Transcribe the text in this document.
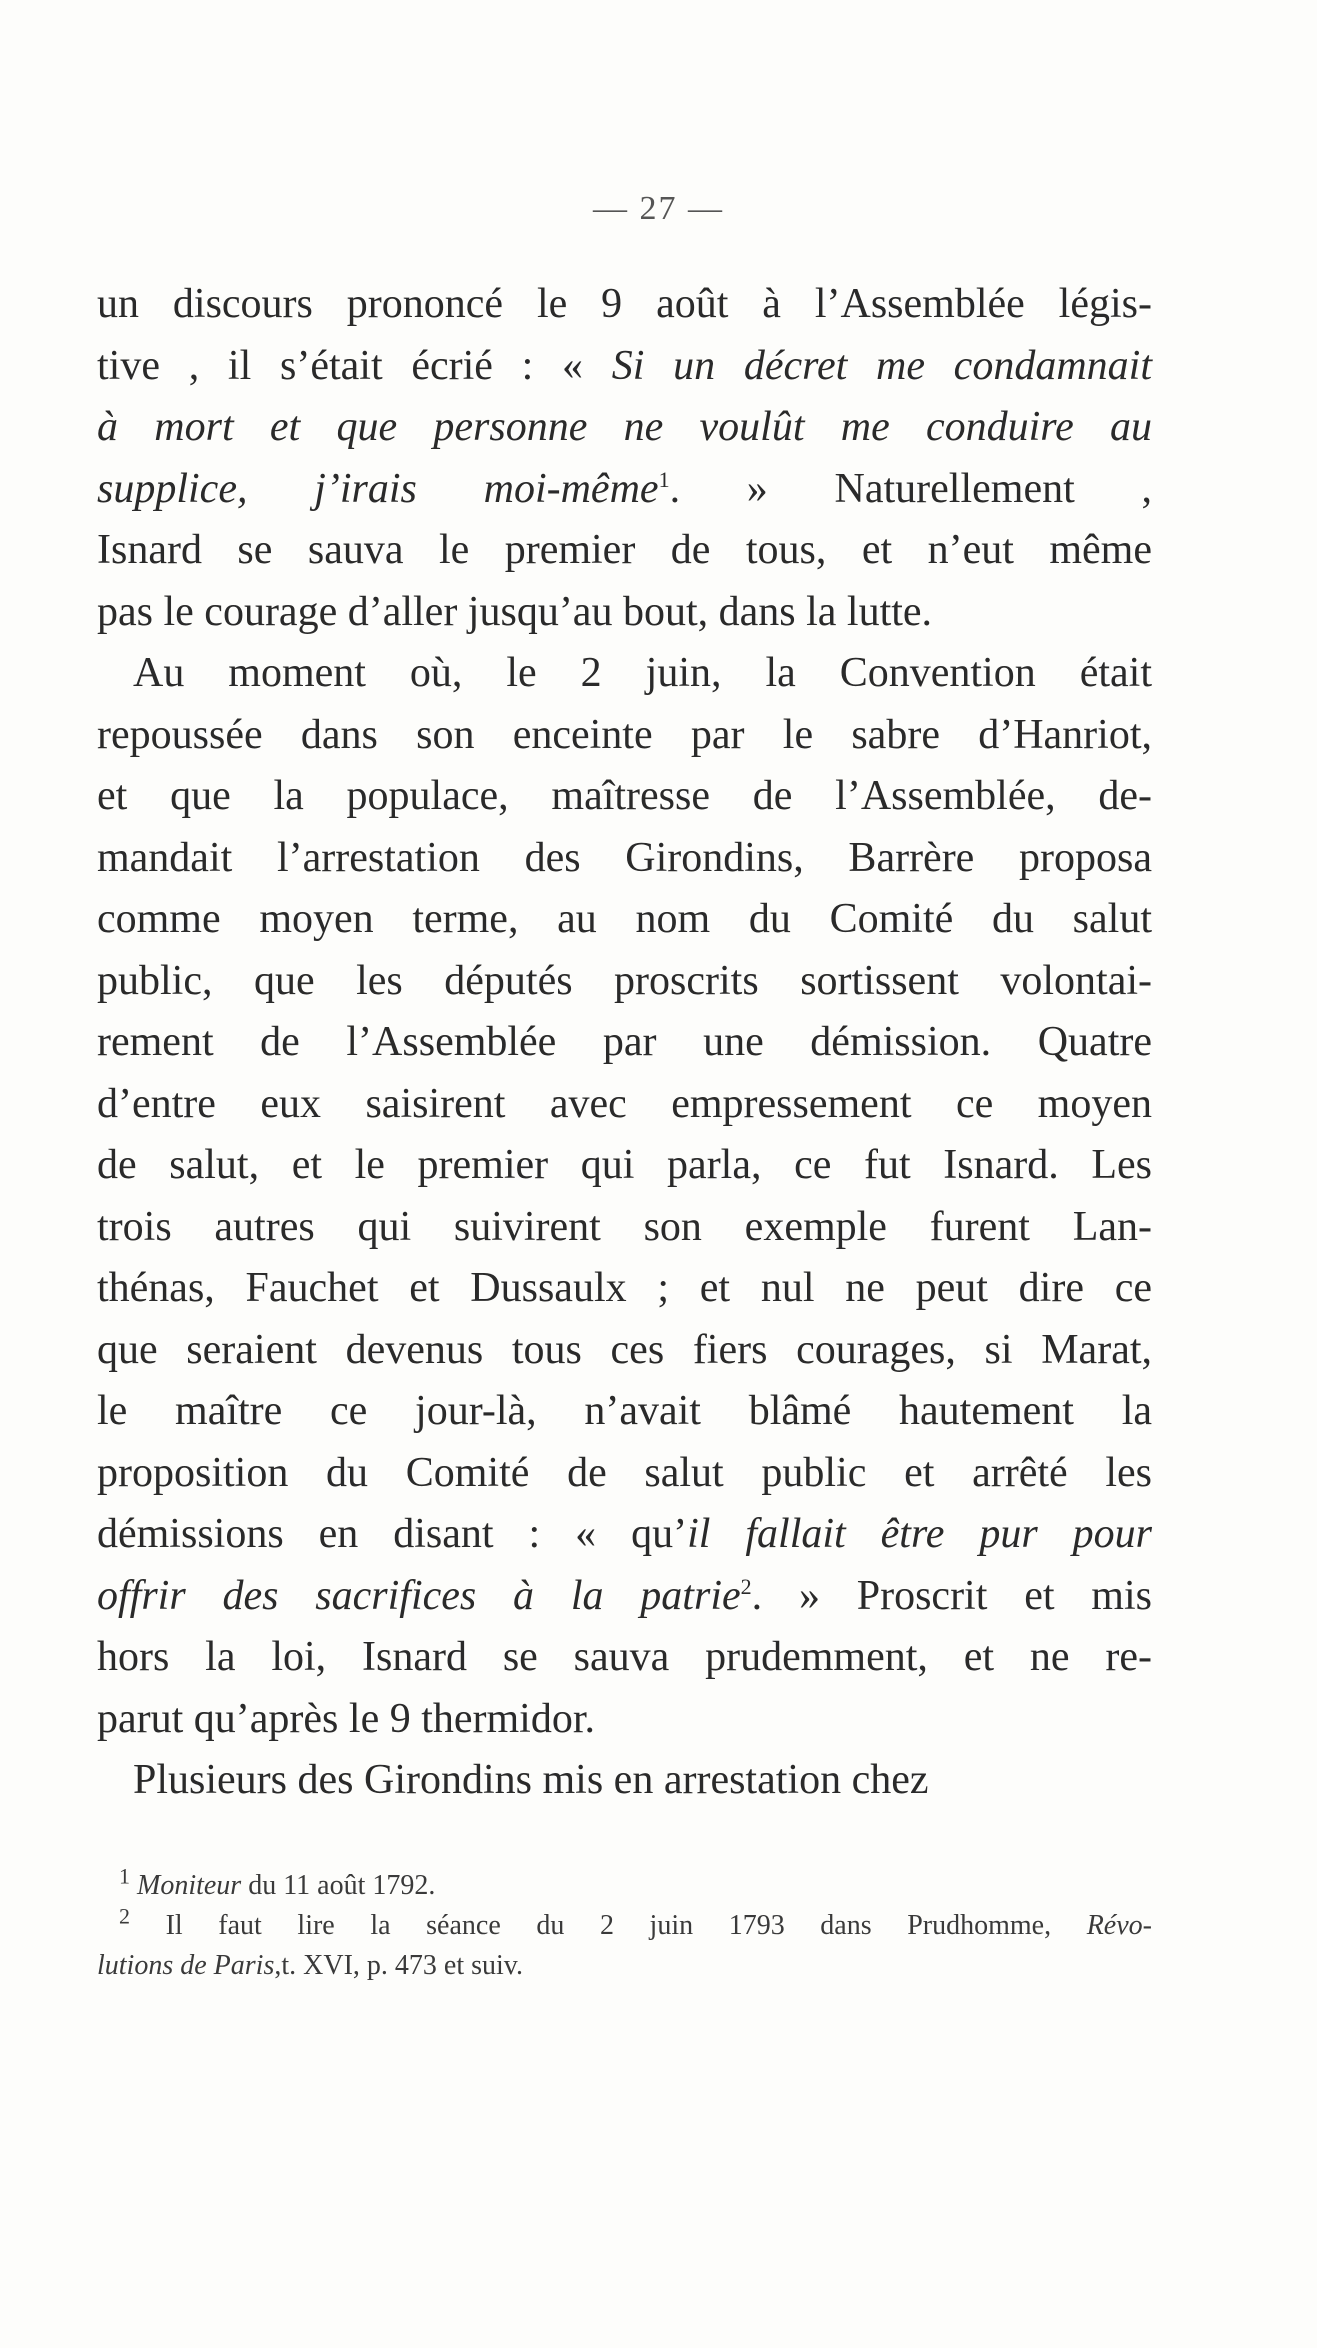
— 27 —
un discours prononcé le 9 août à l’Assemblée légis-
tive , il s’était écrié : « Si un décret me condamnait
à mort et que personne ne voulût me conduire au
supplice, j’irais moi-même$^1$. » Naturellement ,
Isnard se sauva le premier de tous, et n’eut même
pas le courage d’aller jusqu’au bout, dans la lutte.
Au moment où, le 2 juin, la Convention était
repoussée dans son enceinte par le sabre d’Hanriot,
et que la populace, maîtresse de l’Assemblée, de-
mandait l’arrestation des Girondins, Barrère proposa
comme moyen terme, au nom du Comité du salut
public, que les députés proscrits sortissent volontai-
rement de l’Assemblée par une démission. Quatre
d’entre eux saisirent avec empressement ce moyen
de salut, et le premier qui parla, ce fut Isnard. Les
trois autres qui suivirent son exemple furent Lan-
thénas, Fauchet et Dussaulx ; et nul ne peut dire ce
que seraient devenus tous ces fiers courages, si Marat,
le maître ce jour-là, n’avait blâmé hautement la
proposition du Comité de salut public et arrêté les
démissions en disant : « qu’il fallait être pur pour
offrir des sacrifices à la patrie$^2$. » Proscrit et mis
hors la loi, Isnard se sauva prudemment, et ne re-
parut qu’après le 9 thermidor.
Plusieurs des Girondins mis en arrestation chez
$^1$ Moniteur du 11 août 1792.
$^2$ Il faut lire la séance du 2 juin 1793 dans Prudhomme, Révo-
lutions de Paris,t. XVI, p. 473 et suiv.
